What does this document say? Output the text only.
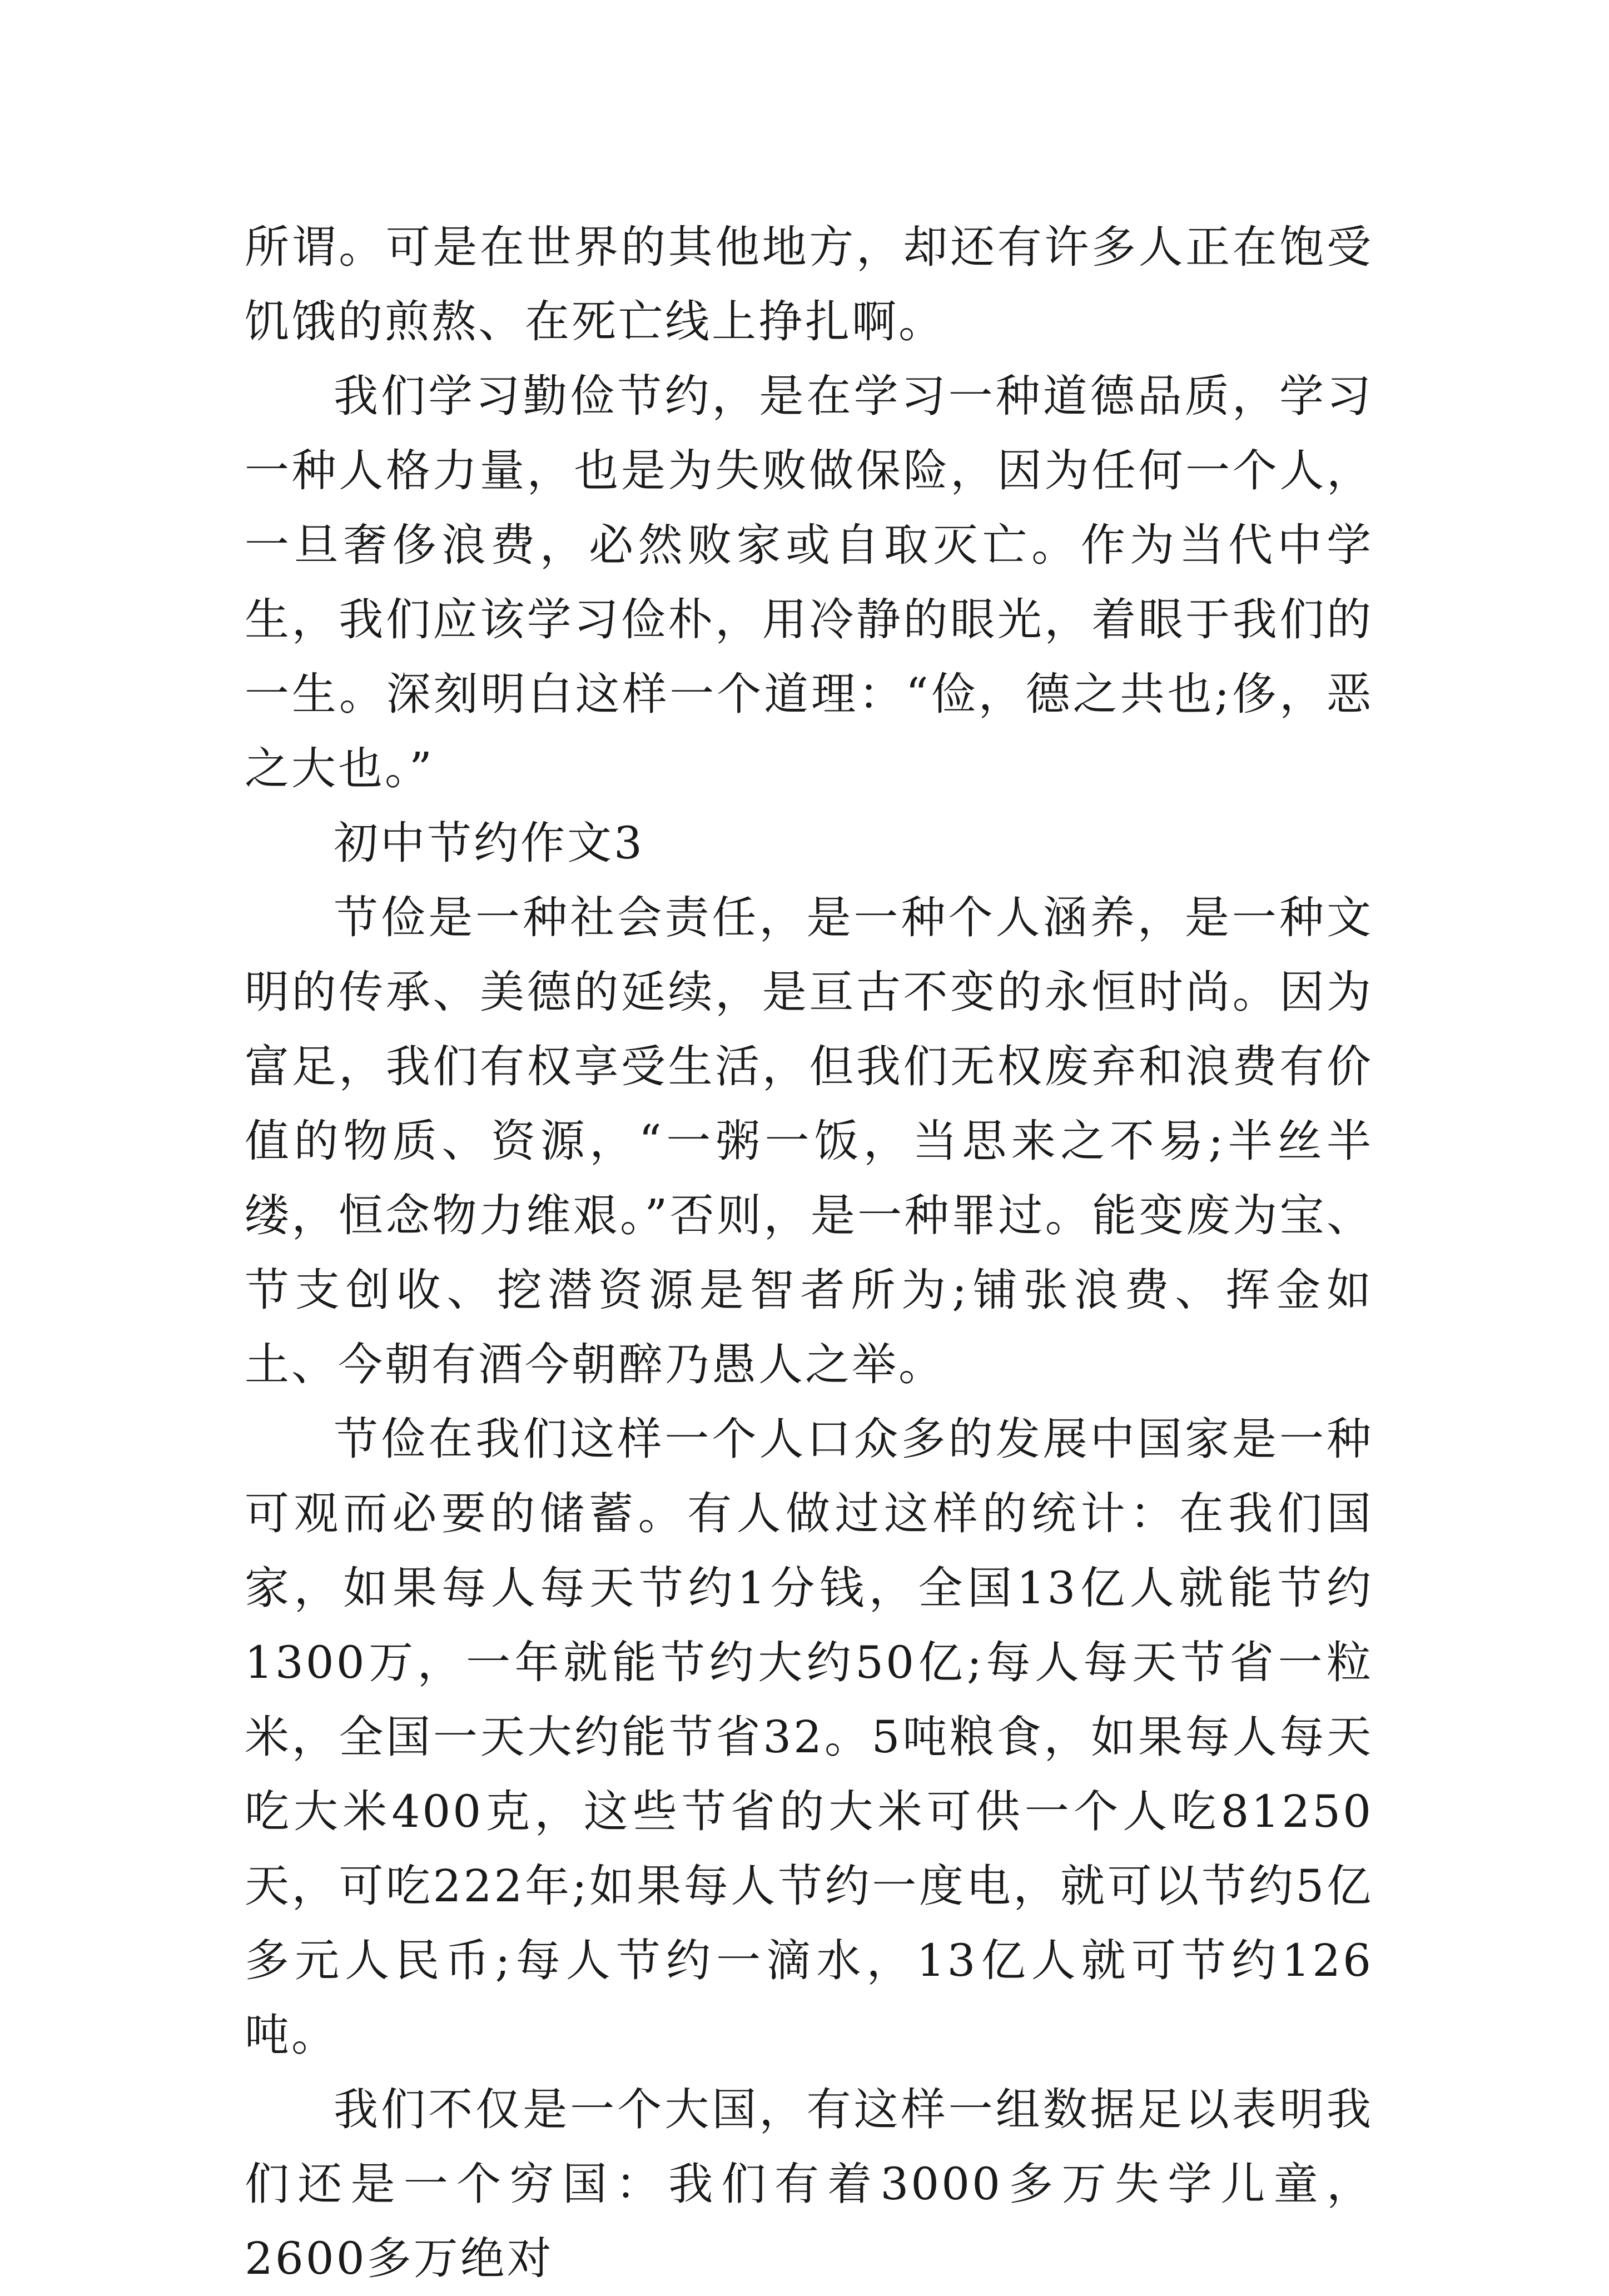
所谓。可是在世界的其他地方，却还有许多人正在饱受饥饿的煎熬、在死亡线上挣扎啊。

我们学习勤俭节约，是在学习一种道德品质，学习一种人格力量，也是为失败做保险，因为任何一个人，一旦奢侈浪费，必然败家或自取灭亡。作为当代中学生，我们应该学习俭朴，用冷静的眼光，着眼于我们的一生。深刻明白这样一个道理：“俭，德之共也;侈，恶之大也。”

初中节约作文3

节俭是一种社会责任，是一种个人涵养，是一种文明的传承、美德的延续，是亘古不变的永恒时尚。因为富足，我们有权享受生活，但我们无权废弃和浪费有价值的物质、资源，“一粥一饭，当思来之不易;半丝半缕，恒念物力维艰。”否则，是一种罪过。能变废为宝、节支创收、挖潜资源是智者所为;铺张浪费、挥金如土、今朝有酒今朝醉乃愚人之举。

节俭在我们这样一个人口众多的发展中国家是一种可观而必要的储蓄。有人做过这样的统计：在我们国家，如果每人每天节约1分钱，全国13亿人就能节约1300万，一年就能节约大约50亿;每人每天节省一粒米，全国一天大约能节省32。5吨粮食，如果每人每天吃大米400克，这些节省的大米可供一个人吃81250天，可吃222年;如果每人节约一度电，就可以节约5亿多元人民币;每人节约一滴水，13亿人就可节约126吨。

我们不仅是一个大国，有这样一组数据足以表明我们还是一个穷国：我们有着3000多万失学儿童，2600多万绝对
